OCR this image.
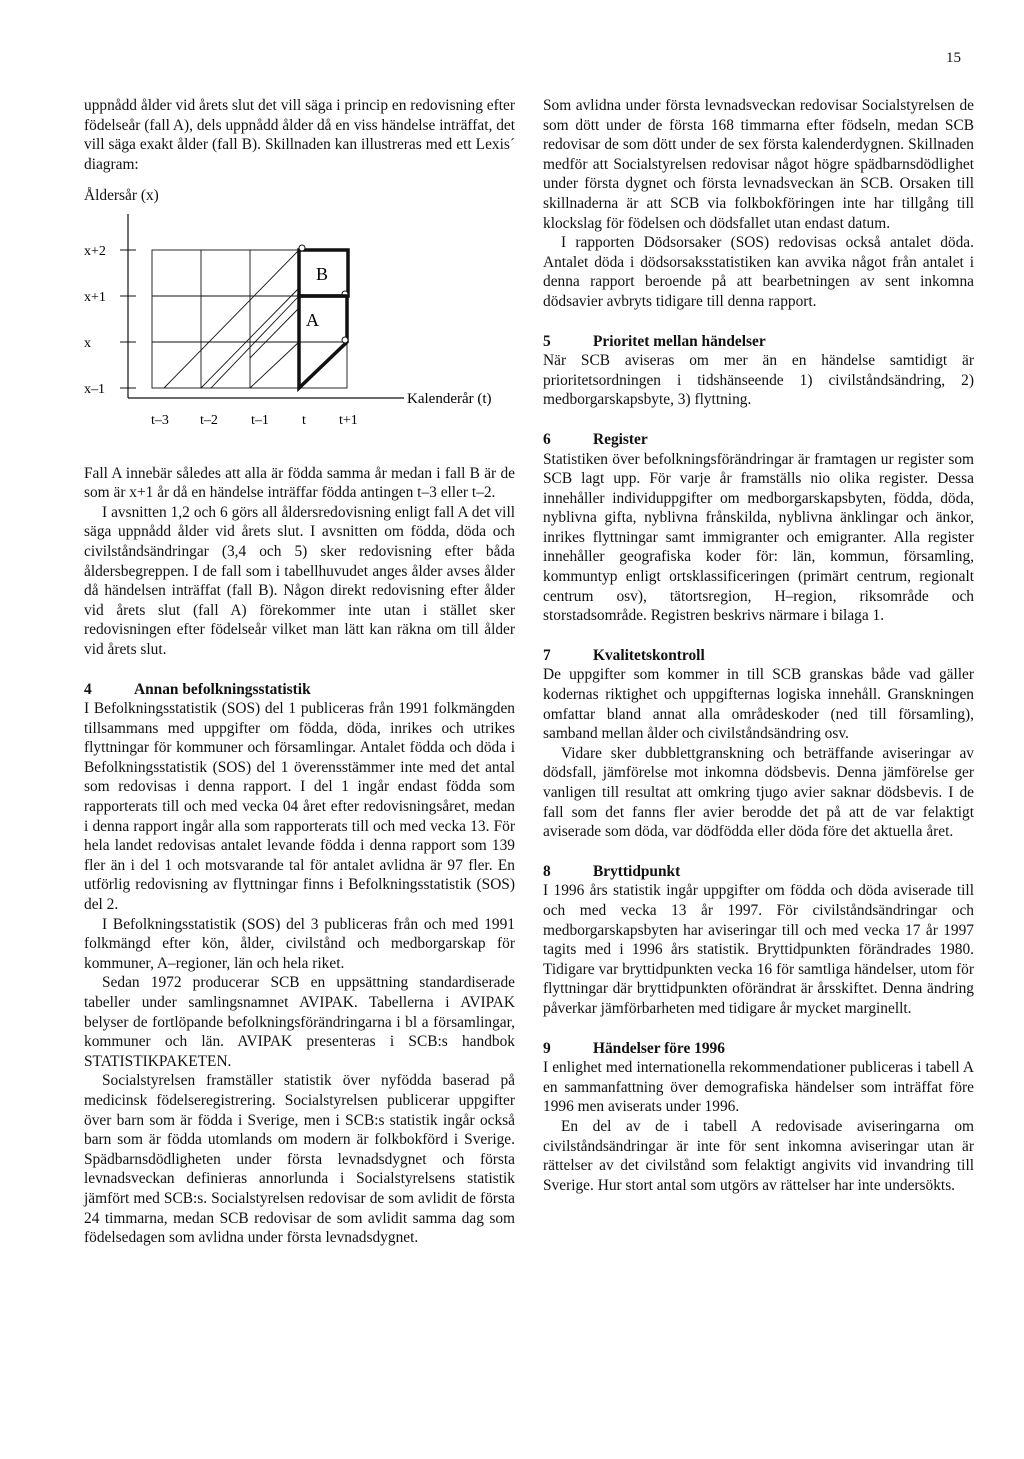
15

uppnådd ålder vid årets slut det vill säga i princip en redovisning efter födelseår (fall A), dels uppnådd ålder då en viss händelse inträffat, det vill säga exakt ålder (fall B). Skillnaden kan illustreras med ett Lexis´ diagram:

Åldersår (x)
B
A
x+2
x+1
x
x–1
t–3 t–2 t–1 t t+1
Kalenderår (t)

Fall A innebär således att alla är födda samma år medan i fall B är de som är x+1 år då en händelse inträffar födda antingen t–3 eller t–2.

I avsnitten 1,2 och 6 görs all åldersredovisning enligt fall A det vill säga uppnådd ålder vid årets slut. I avsnitten om födda, döda och civilståndsändringar (3,4 och 5) sker redovisning efter båda åldersbegreppen. I de fall som i tabellhuvudet anges ålder avses ålder då händelsen inträffat (fall B). Någon direkt redovisning efter ålder vid årets slut (fall A) förekommer inte utan i stället sker redovisningen efter födelseår vilket man lätt kan räkna om till ålder vid årets slut.

4	Annan befolkningsstatistik

I Befolkningsstatistik (SOS) del 1 publiceras från 1991 folkmängden tillsammans med uppgifter om födda, döda, inrikes och utrikes flyttningar för kommuner och församlingar. Antalet födda och döda i Befolkningsstatistik (SOS) del 1 överensstämmer inte med det antal som redovisas i denna rapport. I del 1 ingår endast födda som rapporterats till och med vecka 04 året efter redovisningsåret, medan i denna rapport ingår alla som rapporterats till och med vecka 13. För hela landet redovisas antalet levande födda i denna rapport som 139 fler än i del 1 och motsvarande tal för antalet avlidna är 97 fler. En utförlig redovisning av flyttningar finns i Befolkningsstatistik (SOS) del 2.

I Befolkningsstatistik (SOS) del 3 publiceras från och med 1991 folkmängd efter kön, ålder, civilstånd och medborgarskap för kommuner, A–regioner, län och hela riket.

Sedan 1972 producerar SCB en uppsättning standardiserade tabeller under samlingsnamnet AVIPAK. Tabellerna i AVIPAK belyser de fortlöpande befolkningsförändringarna i bl a församlingar, kommuner och län. AVIPAK presenteras i SCB:s handbok STATISTIKPAKETEN.

Socialstyrelsen framställer statistik över nyfödda baserad på medicinsk födelseregistrering. Socialstyrelsen publicerar uppgifter över barn som är födda i Sverige, men i SCB:s statistik ingår också barn som är födda utomlands om modern är folkbokförd i Sverige. Spädbarnsdödligheten under första levnadsdygnet och första levnadsveckan definieras annorlunda i Socialstyrelsens statistik jämfört med SCB:s. Socialstyrelsen redovisar de som avlidit de första 24 timmarna, medan SCB redovisar de som avlidit samma dag som födelsedagen som avlidna under första levnadsdygnet.

Som avlidna under första levnadsveckan redovisar Socialstyrelsen de som dött under de första 168 timmarna efter födseln, medan SCB redovisar de som dött under de sex första kalenderdygnen. Skillnaden medför att Socialstyrelsen redovisar något högre spädbarnsdödlighet under första dygnet och första levnadsveckan än SCB. Orsaken till skillnaderna är att SCB via folkbokföringen inte har tillgång till klockslag för födelsen och dödsfallet utan endast datum.

I rapporten Dödsorsaker (SOS) redovisas också antalet döda. Antalet döda i dödsorsaksstatistiken kan avvika något från antalet i denna rapport beroende på att bearbetningen av sent inkomna dödsavier avbryts tidigare till denna rapport.

5	Prioritet mellan händelser

När SCB aviseras om mer än en händelse samtidigt är prioritetsordningen i tidshänseende 1) civilståndsändring, 2) medborgarskapsbyte, 3) flyttning.

6	Register

Statistiken över befolkningsförändringar är framtagen ur register som SCB lagt upp. För varje år framställs nio olika register. Dessa innehåller individuppgifter om medborgarskapsbyten, födda, döda, nyblivna gifta, nyblivna frånskilda, nyblivna änklingar och änkor, inrikes flyttningar samt immigranter och emigranter. Alla register innehåller geografiska koder för: län, kommun, församling, kommuntyp enligt ortsklassificeringen (primärt centrum, regionalt centrum osv), tätortsregion, H–region, riksområde och storstadsområde. Registren beskrivs närmare i bilaga 1.

7	Kvalitetskontroll

De uppgifter som kommer in till SCB granskas både vad gäller kodernas riktighet och uppgifternas logiska innehåll. Granskningen omfattar bland annat alla områdeskoder (ned till församling), samband mellan ålder och civilståndsändring osv.

Vidare sker dubblettgranskning och beträffande aviseringar av dödsfall, jämförelse mot inkomna dödsbevis. Denna jämförelse ger vanligen till resultat att omkring tjugo avier saknar dödsbevis. I de fall som det fanns fler avier berodde det på att de var felaktigt aviserade som döda, var dödfödda eller döda före det aktuella året.

8	Bryttidpunkt

I 1996 års statistik ingår uppgifter om födda och döda aviserade till och med vecka 13 år 1997. För civilståndsändringar och medborgarskapsbyten har aviseringar till och med vecka 17 år 1997 tagits med i 1996 års statistik. Bryttidpunkten förändrades 1980. Tidigare var bryttidpunkten vecka 16 för samtliga händelser, utom för flyttningar där bryttidpunkten oförändrat är årsskiftet. Denna ändring påverkar jämförbarheten med tidigare år mycket marginellt.

9	Händelser före 1996

I enlighet med internationella rekommendationer publiceras i tabell A en sammanfattning över demografiska händelser som inträffat före 1996 men aviserats under 1996.

En del av de i tabell A redovisade aviseringarna om civilståndsändringar är inte för sent inkomna aviseringar utan är rättelser av det civilstånd som felaktigt angivits vid invandring till Sverige. Hur stort antal som utgörs av rättelser har inte undersökts.
